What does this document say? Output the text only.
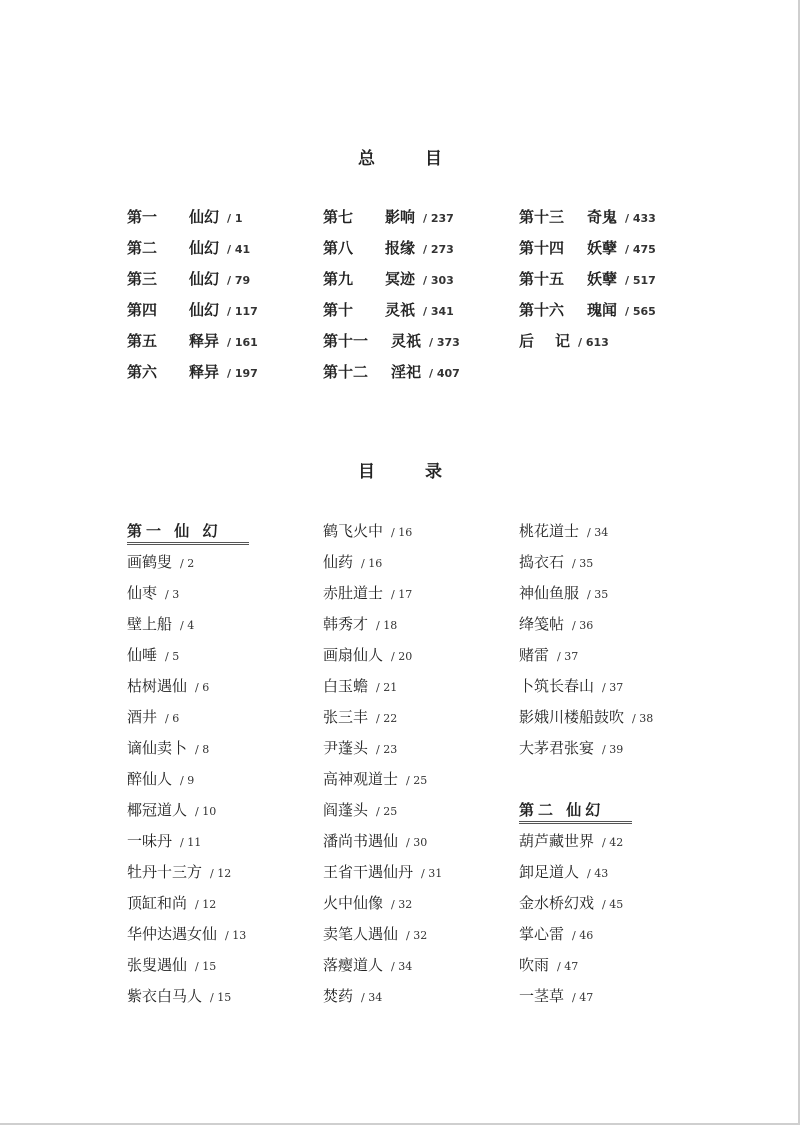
总 目
第一 仙幻 / 1
第二 仙幻 / 41
第三 仙幻 / 79
第四 仙幻 / 117
第五 释异 / 161
第六 释异 / 197
第七 影响 / 237
第八 报缘 / 273
第九 冥迹 / 303
第十 灵祇 / 341
第十一 灵祇 / 373
第十二 淫祀 / 407
第十三 奇鬼 / 433
第十四 妖孽 / 475
第十五 妖孽 / 517
第十六 瑰闻 / 565
后 记 / 613
目 录
第一 仙 幻
画鹤叟 / 2
仙枣 / 3
壁上船 / 4
仙唾 / 5
枯树遇仙 / 6
酒井 / 6
谪仙卖卜 / 8
醉仙人 / 9
椰冠道人 / 10
一味丹 / 11
牡丹十三方 / 12
顶缸和尚 / 12
华仲达遇女仙 / 13
张叟遇仙 / 15
紫衣白马人 / 15
鹤飞火中 / 16
仙药 / 16
赤肚道士 / 17
韩秀才 / 18
画扇仙人 / 20
白玉蟾 / 21
张三丰 / 22
尹蓬头 / 23
高神观道士 / 25
阎蓬头 / 25
潘尚书遇仙 / 30
王省干遇仙丹 / 31
火中仙像 / 32
卖笔人遇仙 / 32
落瘿道人 / 34
焚药 / 34
桃花道士 / 34
捣衣石 / 35
神仙鱼服 / 35
绛笺帖 / 36
赌雷 / 37
卜筑长春山 / 37
影娥川楼船鼓吹 / 38
大茅君张宴 / 39
第二 仙幻
葫芦藏世界 / 42
卸足道人 / 43
金水桥幻戏 / 45
掌心雷 / 46
吹雨 / 47
一茎草 / 47
